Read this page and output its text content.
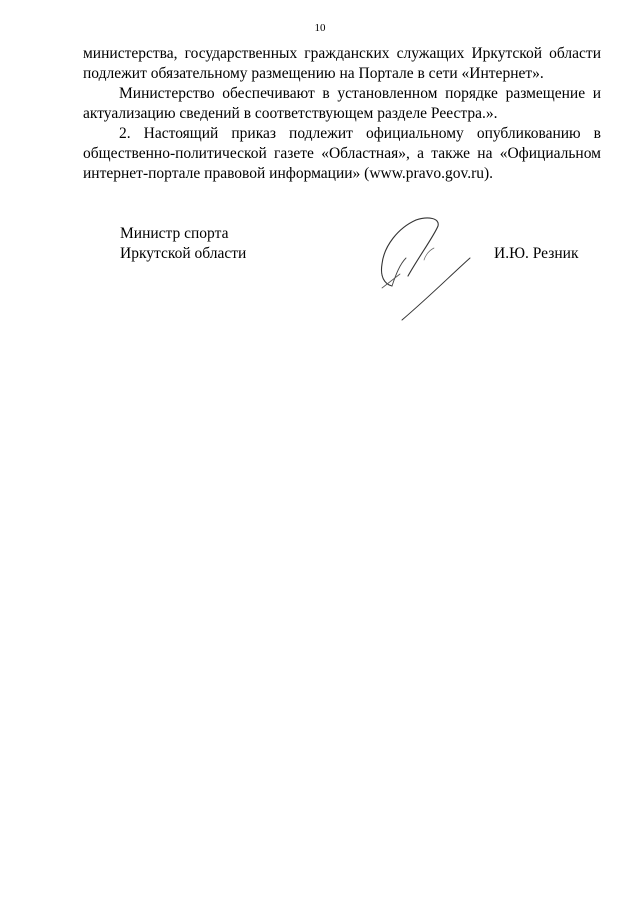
10

министерства, государственных гражданских служащих Иркутской области подлежит обязательному размещению на Портале в сети «Интернет».

Министерство обеспечивают в установленном порядке размещение и актуализацию сведений в соответствующем разделе Реестра.».

2. Настоящий приказ подлежит официальному опубликованию в общественно-политической газете «Областная», а также на «Официальном интернет-портале правовой информации» (www.pravo.gov.ru).

Министр спорта
Иркутской области	И.Ю. Резник
